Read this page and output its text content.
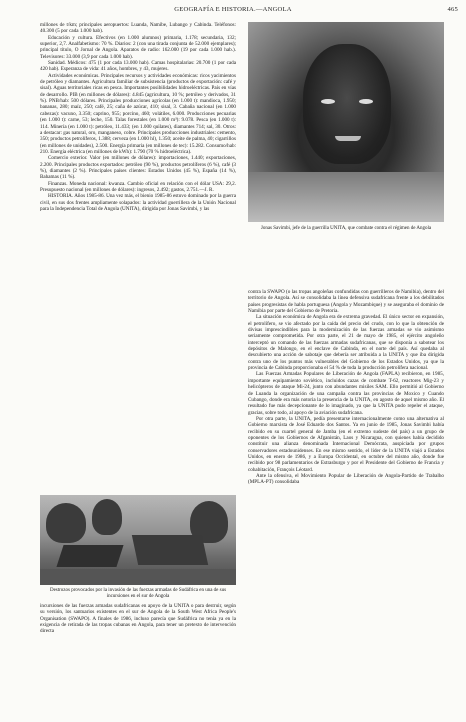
GEOGRAFÍA E HISTORIA.—ANGOLA	465

millones de t/km; principales aeropuertos: Luanda, Namibe, Lubango y Cabinda. Teléfonos: 40.300 (5 por cada 1.000 hab).

Educación y cultura. Efectivos (en 1.000 alumnos) primaria, 1.178; secundaria, 132; superior, 2,7. Analfabetismo: 70 %. Diarios: 2 (con una tirada conjunta de 52.000 ejemplares); principal título, O Jornal de Angola. Aparatos de radio: 162.000 (19 por cada 1.000 hab.). Televisores: 33.000 (3,9 por cada 1.000 hab).

Sanidad. Médicos: 475 (1 por cada 13.000 hab). Camas hospitalarias: 20.700 (1 por cada 420 hab). Esperanza de vida: 41 años, hombres, y 43, mujeres.

Actividades económicas. Principales recursos y actividades económicas: ricos yacimientos de petróleo y diamantes. Agricultura familiar de subsistencia (productos de exportación: café y sisal). Aguas territoriales ricas en pesca. Importantes posibilidades hidroeléctricas. País en vías de desarrollo. PIB (en millones de dólares): 4.845 (agricultura, 10 %; petróleo y derivados, 31 %). PNB/hab: 500 dólares. Principales producciones agrícolas (en 1.000 t): mandioca, 1.950; bananas, 280; maíz, 250; café, 25; caña de azúcar, 410; sisal, 3. Cabaña nacional (en 1.000 cabezas): vacuno, 3.350; caprino, 955; porcino, 460; volátiles, 6.000. Producciones pecuarias (en 1.000 t): carne, 53; leche, 150. Talas forestales (en 1.000 m³): 9.078. Pesca (en 1.000 t): 114. Minería (en 1.000 t): petróleo, 11.433; (en 1.000 quilates), diamantes 714; sal, 30. Otros: a destacar: gas natural, oro, manganeso, cobre. Principales producciones industriales: cemento, 350; productos petrolíferos, 1.388; cerveza (en 1.000 hl), 1.350; aceite de palma, 40; cigarrillos (en millones de unidades), 2.500. Energía primaria (en millones de tec): 15.282. Consumo/hab: 210. Energía eléctrica (en millones de kWh): 1.790 (70 % hidroeléctrica).

Comercio exterior. Valor (en millones de dólares): importaciones, 1.440; exportaciones, 2.200. Principales productos exportados: petróleo (90 %), productos petrolíferos (6 %), café (3 %), diamantes (2 %). Principales países clientes: Estados Unidos (45 %), España (14 %), Bahamas (11 %).

Finanzas. Moneda nacional: kwanza. Cambio oficial en relación con el dólar USA: 29,2. Presupuesto nacional (en millones de dólares): ingresos, 2.492; gastos, 2.751.—J. R.

HISTORIA. Años 1985-86. Una vez más, el bienio 1985-86 estuvo dominado por la guerra civil, en sus dos frentes ampliamente solapados: la actividad guerrillera de la Unión Nacional para la Independencia Total de Angola (UNITA), dirigida por Jonas Savimbi, y las

Destrozos provocados por la invasión de las fuerzas armadas de Sudáfrica en una de sus incursiones en el sur de Angola

incursiones de las fuerzas armadas sudafricanas en apoyo de la UNITA o para destruir, según su versión, los santuarios existentes en el sur de Angola de la South West Africa People's Organisation (SWAPO). A finales de 1986, incluso parecía que Sudáfrica no tenía ya en la exigencia de retirada de las tropas cubanas en Angola, para tener un pretexto de intervención directa

Jonas Savimbi, jefe de la guerrilla UNITA, que combate contra el régimen de Angola

contra la SWAPO (o las tropas angoleñas confundidas con guerrilleros de Namibia), dentro del territorio de Angola. Así se consolidaba la línea defensiva sudafricana frente a los debilitados países progresistas de habla portuguesa (Angola y Mozambique) y se aseguraba el dominio de Namibia por parte del Gobierno de Pretoria.

La situación económica de Angola era de extrema gravedad. El único sector en expansión, el petrolífero, se vio afectado por la caída del precio del crudo, con lo que la obtención de divisas imprescindibles para la modernización de las fuerzas armadas se vio asimismo seriamente comprometida. Por otra parte, el 21 de mayo de 1985, el ejército angoleño interceptó un comando de las fuerzas armadas sudafricanas, que se disponía a sabotear los depósitos de Malongo, en el enclave de Cabinda, en el norte del país. Así quedaba al descubierto una acción de sabotaje que debería ser atribuida a la UNITA y que iba dirigida contra uno de los puntos más vulnerables del Gobierno de los Estados Unidos, ya que la provincia de Cabinda proporcionaba el 54 % de toda la producción petrolífera nacional.

Las Fuerzas Armadas Populares de Liberación de Angola (FAPLA) recibieron, en 1985, importante equipamiento soviético, incluidos cazas de combate T-62, reactores Mig-23 y helicópteros de ataque Mi-24, junto con abundantes misiles SAM. Ello permitió al Gobierno de Luanda la organización de una campaña contra las provincias de Moxico y Cuando Cubango, donde era más notoria la presencia de la UNITA, en agosto de aquel mismo año. El resultado fue más decepcionante de lo imaginado, ya que la UNITA pudo repeler el ataque, gracias, sobre todo, al apoyo de la aviación sudafricana.

Por otra parte, la UNITA, pedía presentarse internacionalmente como una alternativa al Gobierno marxista de José Eduardo dos Santos. Ya en junio de 1985, Jonas Savimbi había recibido en su cuartel general de Jamba (en el extremo sudeste del país) a un grupo de oponentes de los Gobiernos de Afganistán, Laos y Nicaragua, con quienes había decidido constituir una alianza denominada Internacional Demócrata, auspiciada por grupos conservadores estadounidenses. En ese mismo sentido, el líder de la UNITA viajó a Estados Unidos, en enero de 1986, y a Europa Occidental, en octubre del mismo año, donde fue recibido por 98 parlamentarios de Estrasburgo y por el Presidente del Gobierno de Francia y cohabitación, François Léotard.

Ante la ofensiva, el Movimiento Popular de Liberación de Angola-Partido de Trabalho (MPLA-PT) consolidaba
